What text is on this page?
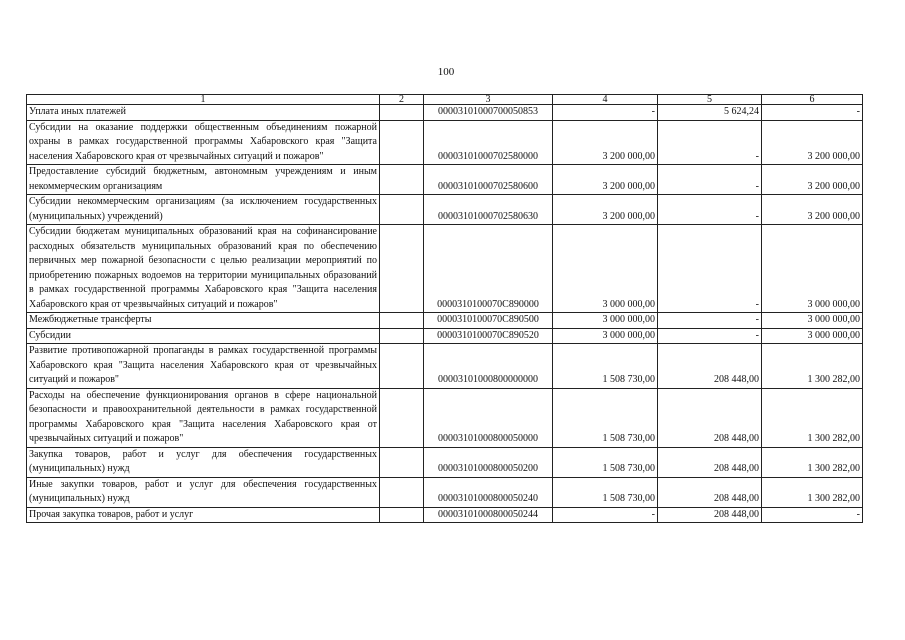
100
1	2	3	4	5	6
Уплата иных платежей		00003101000700050853	-	5 624,24	-
Субсидии на оказание поддержки общественным объединениям пожарной охраны в рамках государственной программы Хабаровского края "Защита населения Хабаровского края от чрезвычайных ситуаций и пожаров"		00003101000702580000	3 200 000,00	-	3 200 000,00
Предоставление субсидий бюджетным, автономным учреждениям и иным некоммерческим организациям		00003101000702580600	3 200 000,00	-	3 200 000,00
Субсидии некоммерческим организациям (за исключением государственных (муниципальных) учреждений)		00003101000702580630	3 200 000,00	-	3 200 000,00
Субсидии бюджетам муниципальных образований края на софинансирование расходных обязательств муниципальных образований края по обеспечению первичных мер пожарной безопасности с целью реализации мероприятий по приобретению пожарных водоемов на территории муниципальных образований в рамках государственной программы Хабаровского края "Защита населения Хабаровского края от чрезвычайных ситуаций и пожаров"		0000310100070С890000	3 000 000,00	-	3 000 000,00
Межбюджетные трансферты		0000310100070С890500	3 000 000,00	-	3 000 000,00
Субсидии		0000310100070С890520	3 000 000,00	-	3 000 000,00
Развитие противопожарной пропаганды в рамках государственной программы Хабаровского края "Защита населения Хабаровского края от чрезвычайных ситуаций и пожаров"		00003101000800000000	1 508 730,00	208 448,00	1 300 282,00
Расходы на обеспечение функционирования органов в сфере национальной безопасности и правоохранительной деятельности в рамках государственной программы Хабаровского края "Защита населения Хабаровского края от чрезвычайных ситуаций и пожаров"		00003101000800050000	1 508 730,00	208 448,00	1 300 282,00
Закупка товаров, работ и услуг для обеспечения государственных (муниципальных) нужд		00003101000800050200	1 508 730,00	208 448,00	1 300 282,00
Иные закупки товаров, работ и услуг для обеспечения государственных (муниципальных) нужд		00003101000800050240	1 508 730,00	208 448,00	1 300 282,00
Прочая закупка товаров, работ и услуг		00003101000800050244	-	208 448,00	-
